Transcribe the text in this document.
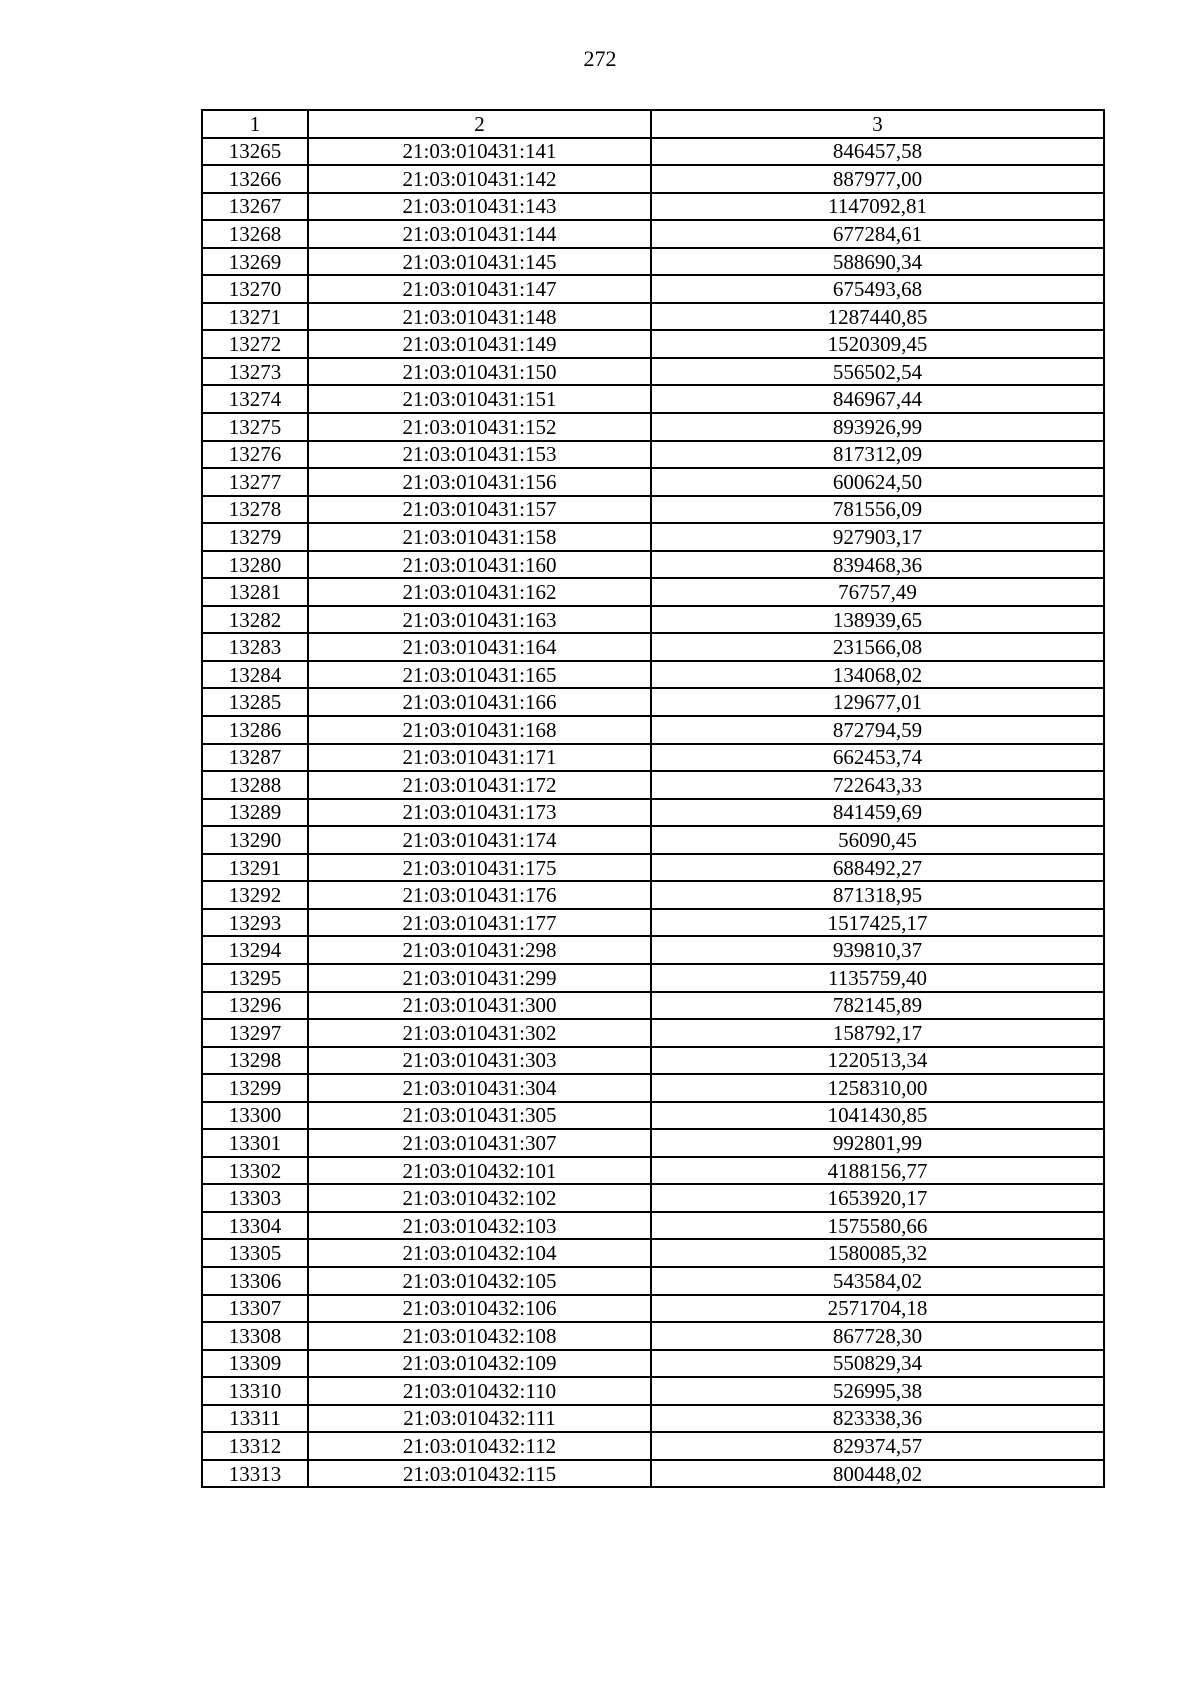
272
1	2	3
13265	21:03:010431:141	846457,58
13266	21:03:010431:142	887977,00
13267	21:03:010431:143	1147092,81
13268	21:03:010431:144	677284,61
13269	21:03:010431:145	588690,34
13270	21:03:010431:147	675493,68
13271	21:03:010431:148	1287440,85
13272	21:03:010431:149	1520309,45
13273	21:03:010431:150	556502,54
13274	21:03:010431:151	846967,44
13275	21:03:010431:152	893926,99
13276	21:03:010431:153	817312,09
13277	21:03:010431:156	600624,50
13278	21:03:010431:157	781556,09
13279	21:03:010431:158	927903,17
13280	21:03:010431:160	839468,36
13281	21:03:010431:162	76757,49
13282	21:03:010431:163	138939,65
13283	21:03:010431:164	231566,08
13284	21:03:010431:165	134068,02
13285	21:03:010431:166	129677,01
13286	21:03:010431:168	872794,59
13287	21:03:010431:171	662453,74
13288	21:03:010431:172	722643,33
13289	21:03:010431:173	841459,69
13290	21:03:010431:174	56090,45
13291	21:03:010431:175	688492,27
13292	21:03:010431:176	871318,95
13293	21:03:010431:177	1517425,17
13294	21:03:010431:298	939810,37
13295	21:03:010431:299	1135759,40
13296	21:03:010431:300	782145,89
13297	21:03:010431:302	158792,17
13298	21:03:010431:303	1220513,34
13299	21:03:010431:304	1258310,00
13300	21:03:010431:305	1041430,85
13301	21:03:010431:307	992801,99
13302	21:03:010432:101	4188156,77
13303	21:03:010432:102	1653920,17
13304	21:03:010432:103	1575580,66
13305	21:03:010432:104	1580085,32
13306	21:03:010432:105	543584,02
13307	21:03:010432:106	2571704,18
13308	21:03:010432:108	867728,30
13309	21:03:010432:109	550829,34
13310	21:03:010432:110	526995,38
13311	21:03:010432:111	823338,36
13312	21:03:010432:112	829374,57
13313	21:03:010432:115	800448,02
